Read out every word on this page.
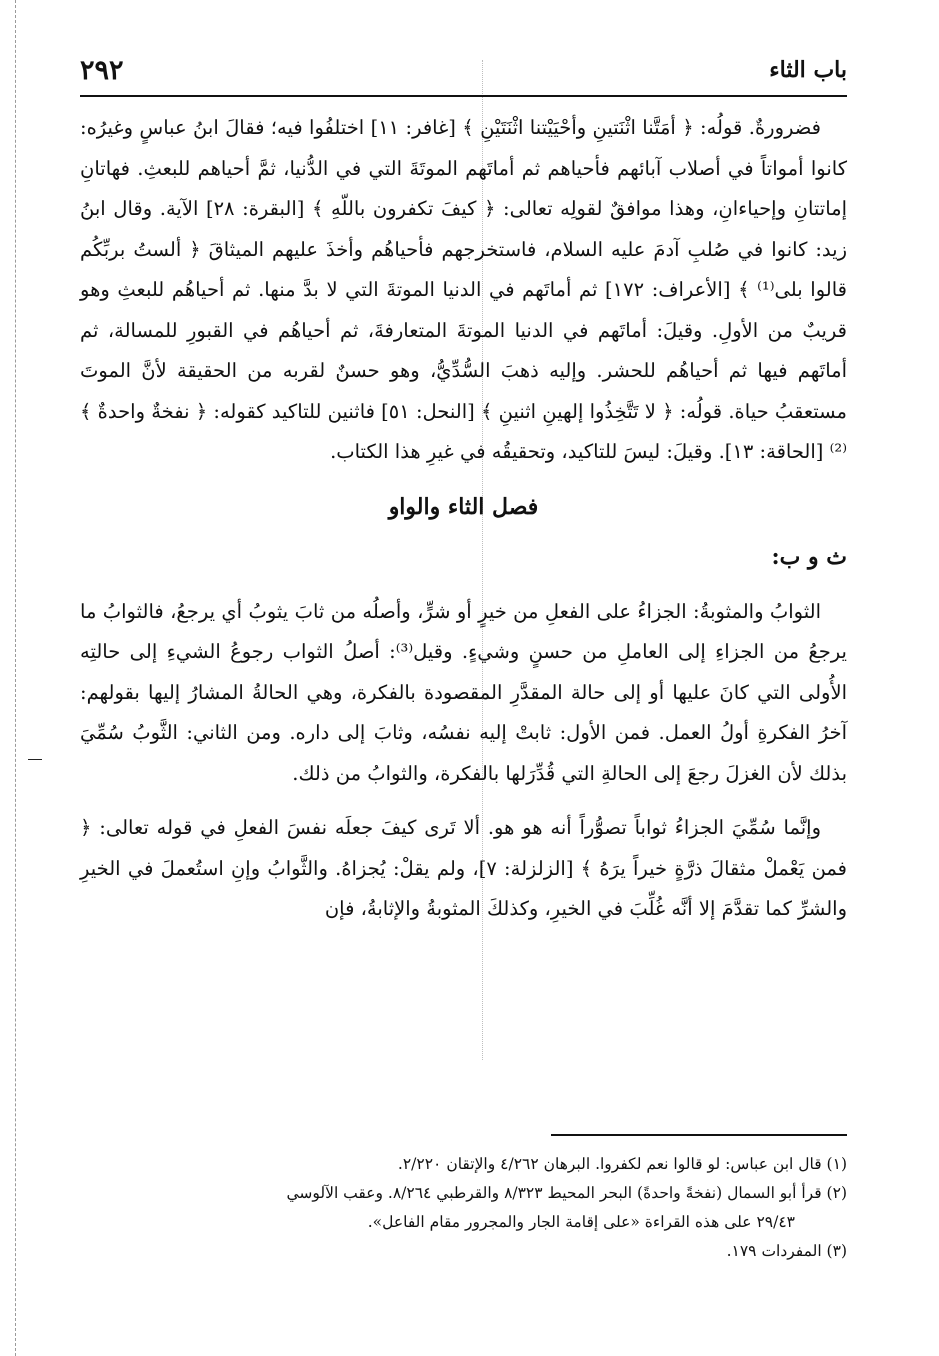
باب الثاء
٢٩٢

فضرورةٌ. قولُه: ﴿ أمَتَّنا اثْنَتينِ وأحْيَيْتنا اثْنَتَيْنِ ﴾ [غافر: ١١] اختلفُوا فيه؛ فقالَ ابنُ عباسٍ وغيرُه: كانوا أمواتاً في أصلاب آبائهم فأحياهم ثم أماتَهم الموتَةَ التي في الدُّنيا، ثمَّ أحياهم للبعثِ. فهاتانِ إماتتانِ وإحياءانِ، وهذا موافقٌ لقولِه تعالى: ﴿ كيفَ تكفرون باللّهِ ﴾ [البقرة: ٢٨] الآية. وقال ابنُ زيد: كانوا في صُلبِ آدمَ عليه السلام، فاستخرجهم فأحياهُم وأخذَ عليهم الميثاقَ ﴿ ألستُ بربِّكُم قالوا بلى⁽¹⁾ ﴾ [الأعراف: ١٧٢] ثم أماتَهم في الدنيا الموتةَ التي لا بدَّ منها. ثم أحياهُم للبعثِ وهو قريبٌ من الأولِ. وقيلَ: أماتَهم في الدنيا الموتةَ المتعارفةَ، ثم أحياهُم في القبورِ للمسالة، ثم أماتَهم فيها ثم أحياهُم للحشر. وإليه ذهبَ السُّدِّيُّ، وهو حسنٌ لقربه من الحقيقة لأنَّ الموتَ مستعقبُ حياة. قولُه: ﴿ لا تَتَّخِذُوا إلهينِ اثنينِ ﴾ [النحل: ٥١] فاثنين للتاكيد كقوله: ﴿ نفخةٌ واحدةٌ ﴾⁽²⁾ [الحاقة: ١٣]. وقيلَ: ليسَ للتاكيد، وتحقيقُه في غيرِ هذا الكتاب.

فصل الثاء والواو

ث و ب:

الثوابُ والمثوبةُ: الجزاءُ على الفعلِ من خيرٍ أو شرٍّ، وأصلُه من ثابَ يثوبُ أي يرجعُ، فالثوابُ ما يرجعُ من الجزاءِ إلى العاملِ من حسنٍ وشيءٍ. وقيل⁽³⁾: أصلُ الثواب رجوعُ الشيءِ إلى حالتِه الأُولى التي كانَ عليها أو إلى حالة المقدَّرِ المقصودة بالفكرة، وهي الحالةُ المشارُ إليها بقولهم: آخرُ الفكرةِ أولُ العمل. فمن الأول: ثابتْ إليه نفسُه، وثابَ إلى داره. ومن الثاني: الثَّوبُ سُمِّيَ بذلك لأن الغزلَ رجعَ إلى الحالةِ التي قُدِّرَلها بالفكرة، والثوابُ من ذلك.

وإنَّما سُمِّيَ الجزاءُ ثواباً تصوُّراً أنه هو هو. ألا تَرى كيفَ جعلَه نفسَ الفعلِ في قوله تعالى: ﴿ فمن يَعْملْ مثقالَ ذرَّةٍ خيراً يرَهُ ﴾ [الزلزلة: ٧]، ولم يقلْ: يُجزاهُ. والثَّوابُ وإنِ استُعملَ في الخيرِ والشرِّ كما تقدَّمَ إلا أنَّه غُلِّبَ في الخيرِ، وكذلكَ المثوبةُ والإثابةُ، فإن

(١) قال ابن عباس: لو قالوا نعم لكفروا. البرهان ٤/٢٦٢ والإتقان ٢/٢٢٠.

(٢) قرأ أبو السمال (نفخةً واحدةً) البحر المحيط ٨/٣٢٣ والقرطبي ٨/٢٦٤. وعقب الآلوسي

٢٩/٤٣ على هذه القراءة «على إقامة الجار والمجرور مقام الفاعل».

(٣) المفردات ١٧٩.
